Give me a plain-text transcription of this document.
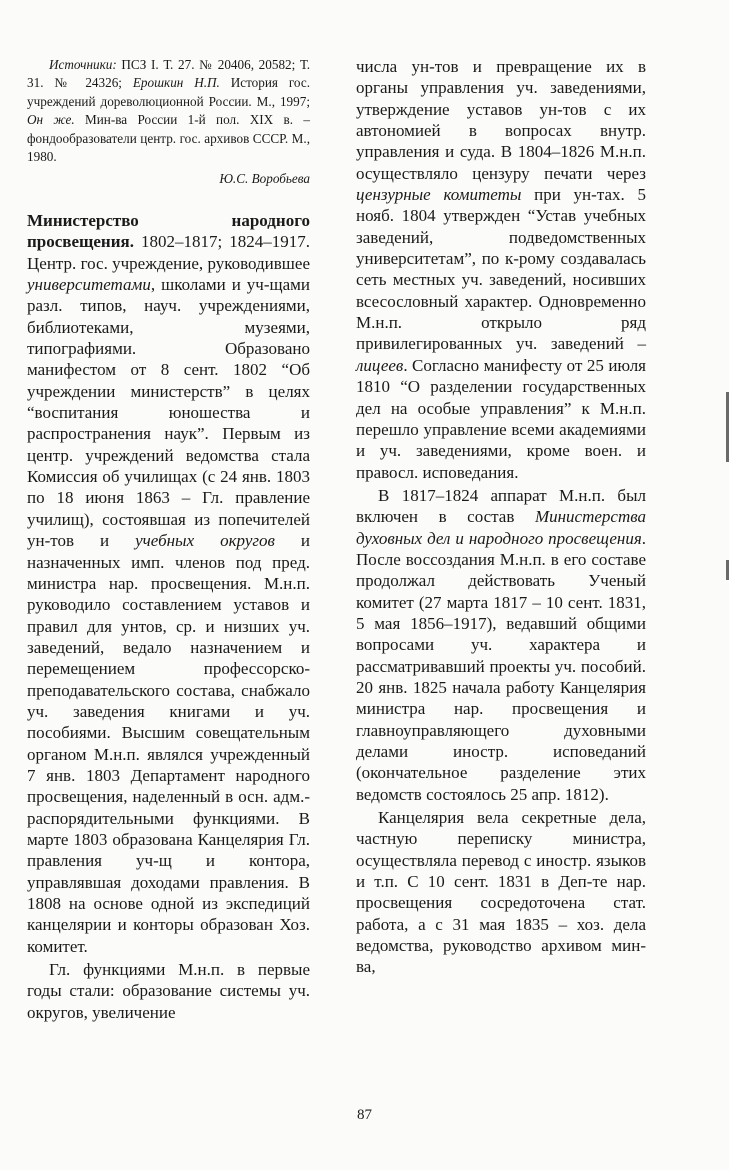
Источники: ПСЗ I. Т. 27. № 20406, 20582; Т. 31. № 24326; Ерошкин Н.П. История гос. учреждений дореволюционной России. М., 1997; Он же. Мин-ва России 1-й пол. XIX в. – фондообразователи центр. гос. архивов СССР. М., 1980.

Ю.С. Воробьева

Министерство народного просвещения. 1802–1817; 1824–1917. Центр. гос. учреждение, руководившее университетами, школами и уч-щами разл. типов, науч. учреждениями, библиотеками, музеями, типографиями. Образовано манифестом от 8 сент. 1802 “Об учреждении министерств” в целях “воспитания юношества и распространения наук”. Первым из центр. учреждений ведомства стала Комиссия об училищах (с 24 янв. 1803 по 18 июня 1863 – Гл. правление училищ), состоявшая из попечителей ун-тов и учебных округов и назначенных имп. членов под пред. министра нар. просвещения. М.н.п. руководило составлением уставов и правил для унтов, ср. и низших уч. заведений, ведало назначением и перемещением профессорско-преподавательского состава, снабжало уч. заведения книгами и уч. пособиями. Высшим совещательным органом М.н.п. являлся учрежденный 7 янв. 1803 Департамент народного просвещения, наделенный в осн. адм.-распорядительными функциями. В марте 1803 образована Канцелярия Гл. правления уч-щ и контора, управлявшая доходами правления. В 1808 на основе одной из экспедиций канцелярии и конторы образован Хоз. комитет.

Гл. функциями М.н.п. в первые годы стали: образование системы уч. округов, увеличение

числа ун-тов и превращение их в органы управления уч. заведениями, утверждение уставов ун-тов с их автономией в вопросах внутр. управления и суда. В 1804–1826 М.н.п. осуществляло цензуру печати через цензурные комитеты при ун-тах. 5 нояб. 1804 утвержден “Устав учебных заведений, подведомственных университетам”, по к-рому создавалась сеть местных уч. заведений, носивших всесословный характер. Одновременно М.н.п. открыло ряд привилегированных уч. заведений – лицеев. Согласно манифесту от 25 июля 1810 “О разделении государственных дел на особые управления” к М.н.п. перешло управление всеми академиями и уч. заведениями, кроме воен. и правосл. исповедания.

В 1817–1824 аппарат М.н.п. был включен в состав Министерства духовных дел и народного просвещения. После воссоздания М.н.п. в его составе продолжал действовать Ученый комитет (27 марта 1817 – 10 сент. 1831, 5 мая 1856–1917), ведавший общими вопросами уч. характера и рассматривавший проекты уч. пособий. 20 янв. 1825 начала работу Канцелярия министра нар. просвещения и главноуправляющего духовными делами иностр. исповеданий (окончательное разделение этих ведомств состоялось 25 апр. 1812).

Канцелярия вела секретные дела, частную переписку министра, осуществляла перевод с иностр. языков и т.п. С 10 сент. 1831 в Деп-те нар. просвещения сосредоточена стат. работа, а с 31 мая 1835 – хоз. дела ведомства, руководство архивом мин-ва,

87
